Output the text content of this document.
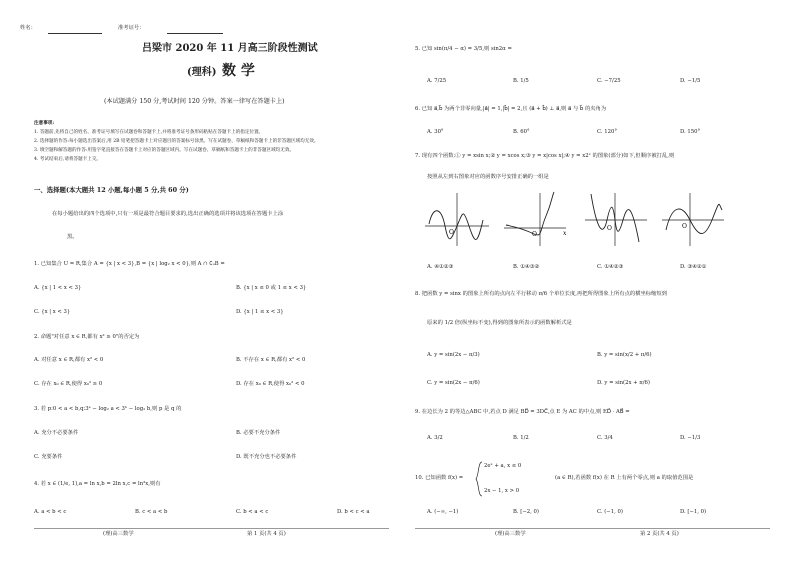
姓名：	准考证号：
吕梁市 2020 年 11 月高三阶段性测试
(理科) 数 学
(本试题满分 150 分,考试时间 120 分钟。答案一律写在答题卡上)
注意事项:
1. 答题前,先将自己的姓名、准考证号填写在试题卷和答题卡上,并将准考证号条形码粘贴在答题卡上的指定位置。
2. 选择题的作答:每小题选出答案后,用 2B 铅笔把答题卡上对应题目的答案标号涂黑。写在试题卷、草稿纸和答题卡上的非答题区域均无效。
3. 填空题和解答题的作答:用签字笔直接答在答题卡上对应的答题区域内。写在试题卷、草稿纸和答题卡上的非答题区域均无效。
4. 考试结束后,请将答题卡上交。
一、选择题(本大题共 12 小题,每小题 5 分,共 60 分)
在每小题给出的四个选项中,只有一项是最符合题目要求的,选出正确的选项并将该选项在答题卡上涂
黑。
1. 已知集合 U = R,集合 A = {x | x < 3},B = {x | log₂ x < 0},则 A ∩ ∁ᵤB =
A. {x | 1 < x < 3}	B. {x | x ≤ 0 或 1 ≤ x < 3}
C. {x | x < 3}	D. {x | 1 ≤ x < 3}
2. 命题"对任意 x ∈ R,都有 x² ≥ 0"的否定为
A. 对任意 x ∈ R,都有 x² < 0	B. 不存在 x ∈ R,都有 x² < 0
C. 存在 x₀ ∈ R,使得 x₀² ≥ 0	D. 存在 x₀ ∈ R,使得 x₀² < 0
3. 若 p:0 < a < b,q:3ᵃ − log₂ a < 3ᵇ − log₂ b,则 p 是 q 的
A. 充分不必要条件	B. 必要不充分条件
C. 充要条件	D. 既不充分也不必要条件
4. 若 x ∈ (1/e, 1),a = ln x,b = 2ln x,c = ln³x,则有
A. a < b < c	B. c < a < b	C. b < a < c	D. b < c < a
5. 已知 sin(π/4 − α) = 3/5,则 sin2α =
A. 7/25	B. 1/5	C. −7/25	D. −1/5
6. 已知 a⃗,b⃗ 为两个非零向量,|a⃗| = 1,|b⃗| = 2,且 (a⃗ + b⃗) ⊥ a⃗,则 a⃗ 与 b⃗ 的夹角为
A. 30°	B. 60°	C. 120°	D. 150°
7. 现有四个函数:① y = xsin x;② y = xcos x;③ y = x|cos x|;④ y = x2ˣ 的图象(部分)如下,但顺序被打乱,则
按照从左到右图象对应的函数序号安排正确的一组是
O	O	x
O	O
A. ④①②③	B. ①④③②	C. ①④②③	D. ③④②①
8. 把函数 y = sinx 的图象上所有的点向左平行移动 π/6 个单位长度,再把所得图象上所有点的横坐标缩短到
原来的 1/2 倍(纵坐标不变),得到的图象所表示的函数解析式是
A. y = sin(2x − π/3)	B. y = sin(x/2 + π/6)
C. y = sin(2x − π/6)	D. y = sin(2x + π/6)
9. 在边长为 2 的等边△ABC 中,若点 D 满足 BD⃗ = 3DC⃗,点 E 为 AC 的中点,则 ED⃗ · AB⃗ =
A. 3/2	B. 1/2	C. 3/4	D. −1/3
10. 已知函数 f(x) =
2eˣ + a, x ≤ 0
2x − 1, x > 0
(a ∈ R),若函数 f(x) 在 R 上有两个零点,则 a 的取值范围是
A. (−∞, −1)	B. [−2, 0)	C. (−1, 0)	D. [−1, 0)
(理)高三数学	第 1 页(共 4 页)	(理)高三数学	第 2 页(共 4 页)
